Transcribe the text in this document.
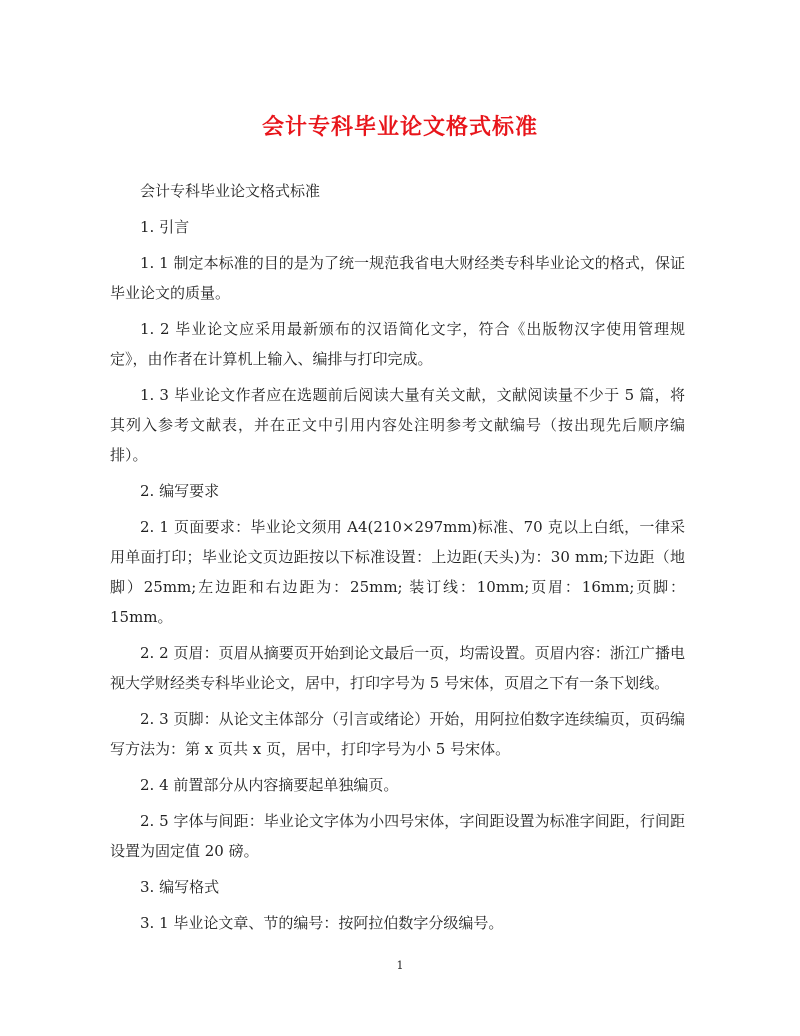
会计专科毕业论文格式标准

会计专科毕业论文格式标准

1. 引言

1. 1 制定本标准的目的是为了统一规范我省电大财经类专科毕业论文的格式，保证毕业论文的质量。

1. 2 毕业论文应采用最新颁布的汉语简化文字，符合《出版物汉字使用管理规定》，由作者在计算机上输入、编排与打印完成。

1. 3 毕业论文作者应在选题前后阅读大量有关文献，文献阅读量不少于 5 篇，将其列入参考文献表，并在正文中引用内容处注明参考文献编号（按出现先后顺序编排）。

2. 编写要求

2. 1 页面要求：毕业论文须用 A4(210×297mm)标准、70 克以上白纸，一律采用单面打印；毕业论文页边距按以下标准设置：上边距(天头)为：30 mm;下边距（地脚）25mm;左边距和右边距为：25mm; 装订线：10mm;页眉：16mm;页脚：15mm。

2. 2 页眉：页眉从摘要页开始到论文最后一页，均需设置。页眉内容：浙江广播电视大学财经类专科毕业论文，居中，打印字号为 5 号宋体，页眉之下有一条下划线。

2. 3 页脚：从论文主体部分（引言或绪论）开始，用阿拉伯数字连续编页，页码编写方法为：第 x 页共 x 页，居中，打印字号为小 5 号宋体。

2. 4 前置部分从内容摘要起单独编页。

2. 5 字体与间距：毕业论文字体为小四号宋体，字间距设置为标准字间距，行间距设置为固定值 20 磅。

3. 编写格式

3. 1 毕业论文章、节的编号：按阿拉伯数字分级编号。

1
